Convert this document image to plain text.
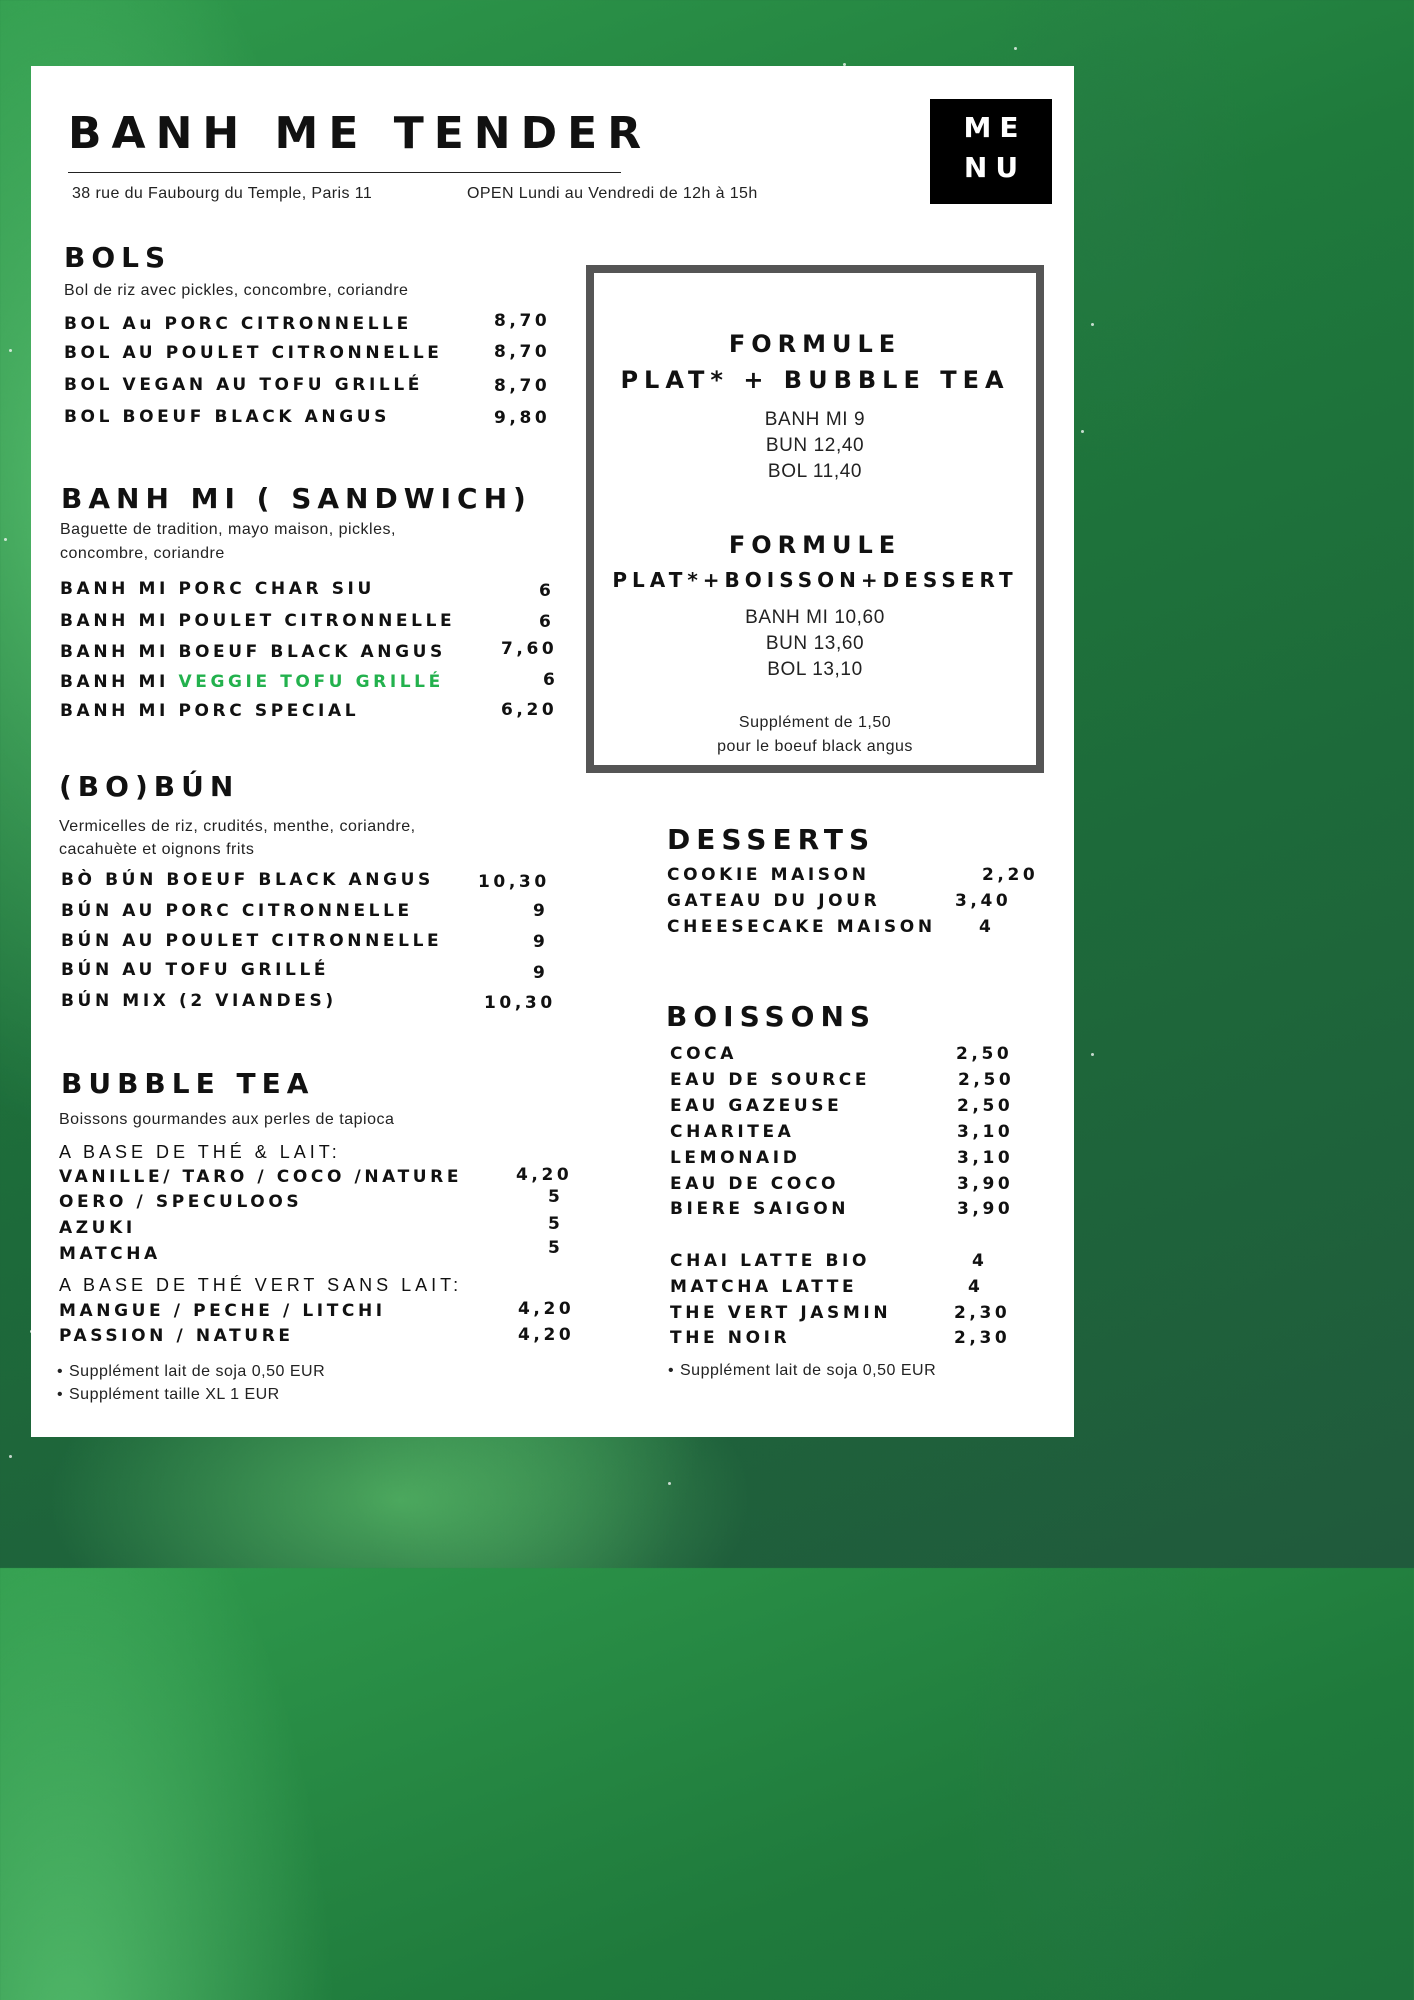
BANH ME TENDER
38 rue du Faubourg du Temple, Paris 11	OPEN Lundi au Vendredi de 12h à 15h
ME
NU
BOLS
Bol de riz avec pickles, concombre, coriandre
BOL Au PORC CITRONNELLE	8,70
BOL AU POULET CITRONNELLE	8,70
BOL VEGAN AU TOFU GRILLÉ	8,70
BOL BOEUF BLACK ANGUS	9,80
BANH MI ( SANDWICH)
Baguette de tradition, mayo maison, pickles,
concombre, coriandre
BANH MI PORC CHAR SIU	6
BANH MI POULET CITRONNELLE	6
BANH MI BOEUF BLACK ANGUS	7,60
BANH MI VEGGIE TOFU GRILLÉ	6
BANH MI PORC SPECIAL	6,20
(BO)BÚN
Vermicelles de riz, crudités, menthe, coriandre,
cacahuète et oignons frits
BÒ BÚN BOEUF BLACK ANGUS	10,30
BÚN AU PORC CITRONNELLE	9
BÚN AU POULET CITRONNELLE	9
BÚN AU TOFU GRILLÉ	9
BÚN MIX (2 VIANDES)	10,30
BUBBLE TEA
Boissons gourmandes aux perles de tapioca
A BASE DE THÉ & LAIT:
VANILLE/ TARO / COCO /NATURE	4,20
OERO / SPECULOOS	5
AZUKI	5
MATCHA	5
A BASE DE THÉ VERT SANS LAIT:
MANGUE / PECHE / LITCHI	4,20
PASSION / NATURE	4,20
• Supplément lait de soja 0,50 EUR
• Supplément taille XL 1 EUR
FORMULE
PLAT* + BUBBLE TEA
BANH MI 9
BUN 12,40
BOL 11,40
FORMULE
PLAT*+BOISSON+DESSERT
BANH MI 10,60
BUN 13,60
BOL 13,10
Supplément de 1,50
pour le boeuf black angus
DESSERTS
COOKIE MAISON	2,20
GATEAU DU JOUR	3,40
CHEESECAKE MAISON	4
BOISSONS
COCA	2,50
EAU DE SOURCE	2,50
EAU GAZEUSE	2,50
CHARITEA	3,10
LEMONAID	3,10
EAU DE COCO	3,90
BIERE SAIGON	3,90
CHAI LATTE BIO	4
MATCHA LATTE	4
THE VERT JASMIN	2,30
THE NOIR	2,30
• Supplément lait de soja 0,50 EUR
